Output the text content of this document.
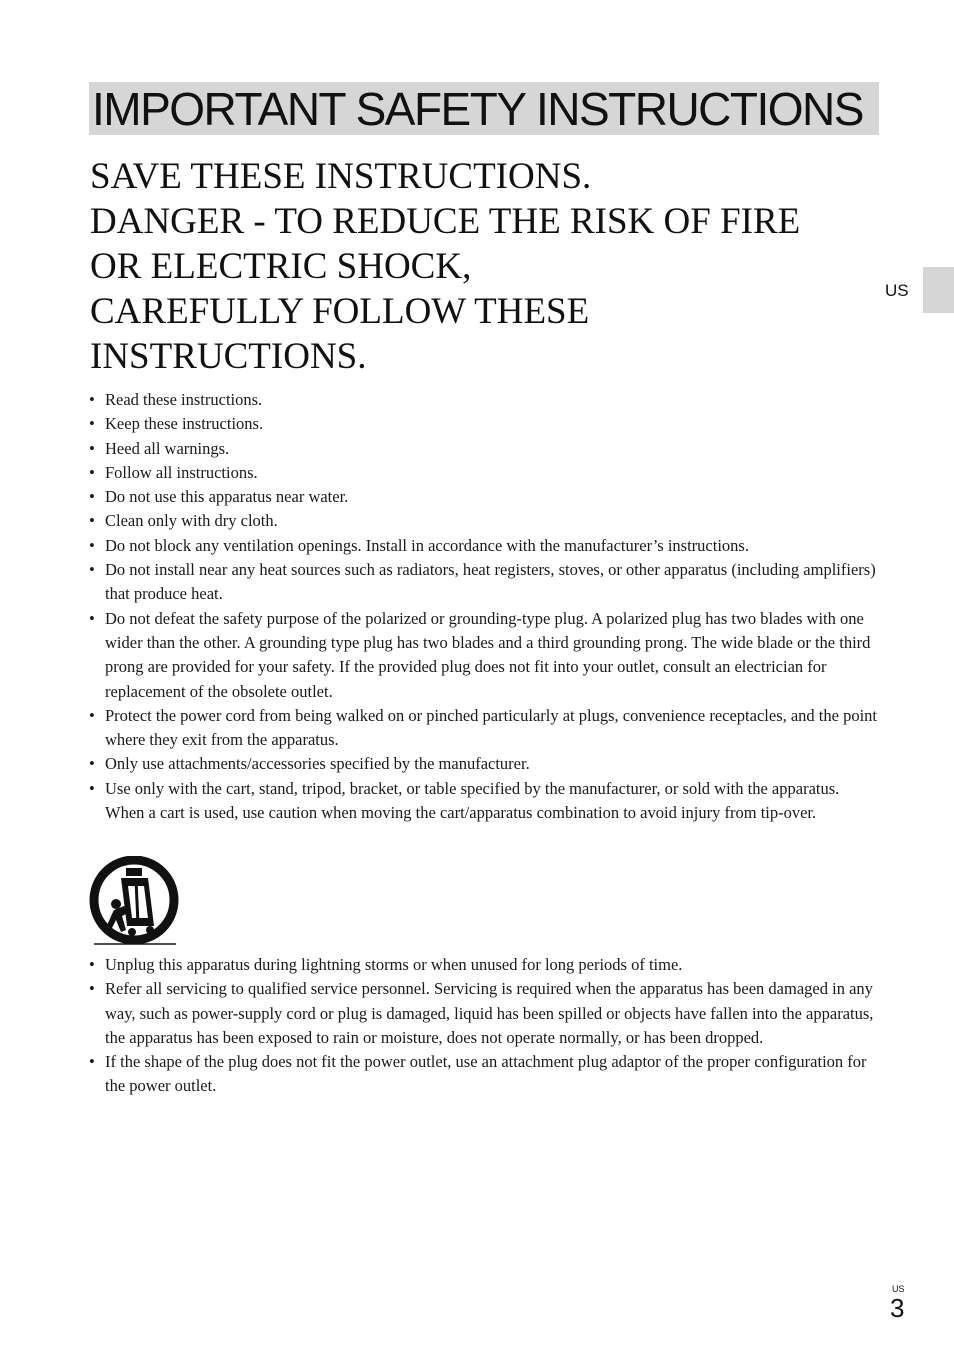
IMPORTANT SAFETY INSTRUCTIONS
SAVE THESE INSTRUCTIONS.
DANGER - TO REDUCE THE RISK OF FIRE
OR ELECTRIC SHOCK,
CAREFULLY FOLLOW THESE
INSTRUCTIONS.
US
• Read these instructions.
• Keep these instructions.
• Heed all warnings.
• Follow all instructions.
• Do not use this apparatus near water.
• Clean only with dry cloth.
• Do not block any ventilation openings. Install in accordance with the manufacturer’s instructions.
• Do not install near any heat sources such as radiators, heat registers, stoves, or other apparatus (including amplifiers) that produce heat.
• Do not defeat the safety purpose of the polarized or grounding-type plug. A polarized plug has two blades with one wider than the other. A grounding type plug has two blades and a third grounding prong. The wide blade or the third prong are provided for your safety. If the provided plug does not fit into your outlet, consult an electrician for replacement of the obsolete outlet.
• Protect the power cord from being walked on or pinched particularly at plugs, convenience receptacles, and the point where they exit from the apparatus.
• Only use attachments/accessories specified by the manufacturer.
• Use only with the cart, stand, tripod, bracket, or table specified by the manufacturer, or sold with the apparatus. When a cart is used, use caution when moving the cart/apparatus combination to avoid injury from tip-over.
• Unplug this apparatus during lightning storms or when unused for long periods of time.
• Refer all servicing to qualified service personnel. Servicing is required when the apparatus has been damaged in any way, such as power-supply cord or plug is damaged, liquid has been spilled or objects have fallen into the apparatus, the apparatus has been exposed to rain or moisture, does not operate normally, or has been dropped.
• If the shape of the plug does not fit the power outlet, use an attachment plug adaptor of the proper configuration for the power outlet.
US
3
